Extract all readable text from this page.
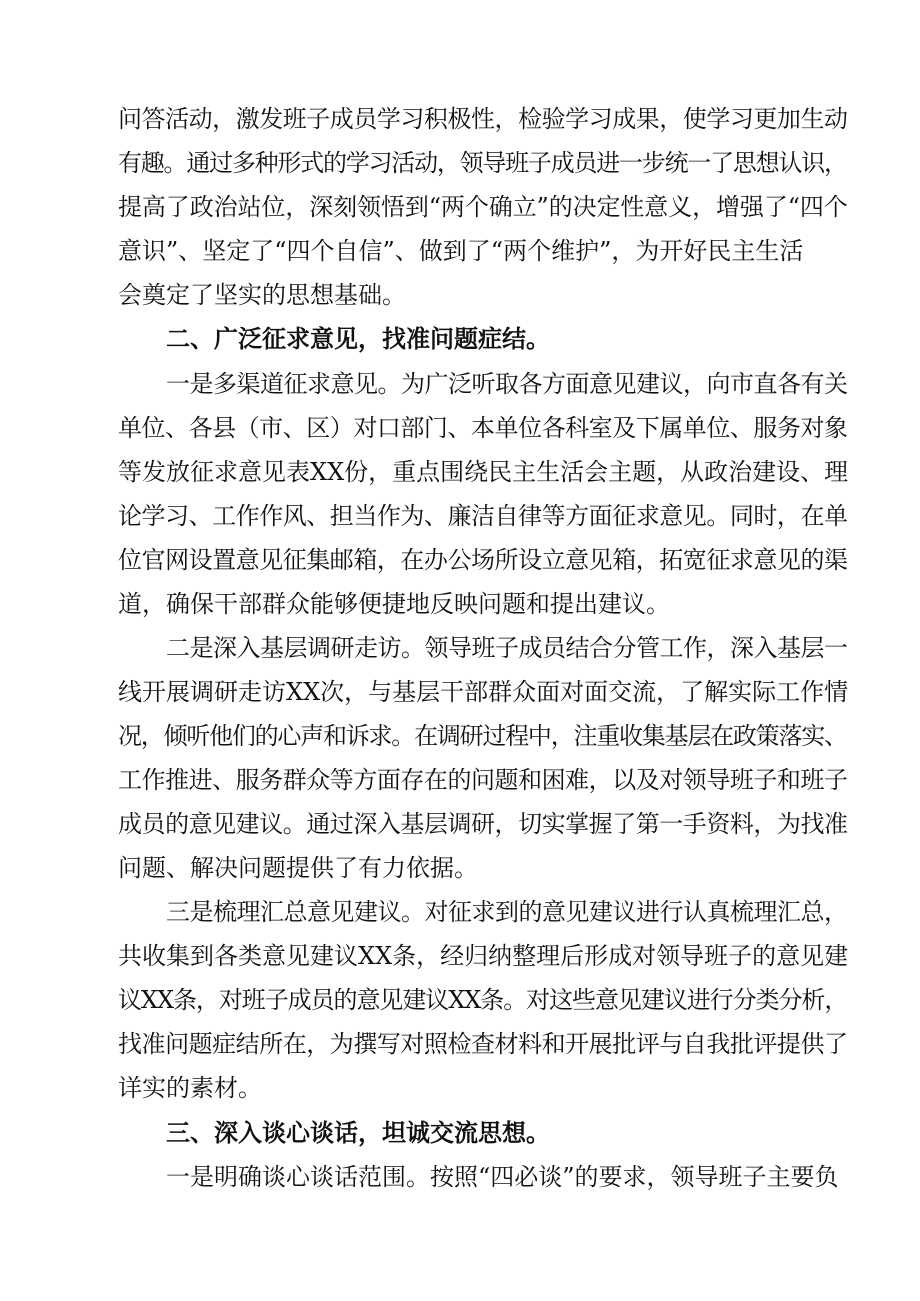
问答活动，激发班子成员学习积极性，检验学习成果，使学习更加生动

有趣。通过多种形式的学习活动，领导班子成员进一步统一了思想认识，

提高了政治站位，深刻领悟到“两个确立”的决定性意义，增强了“四个

意识”、坚定了“四个自信”、做到了“两个维护”，为开好民主生活

会奠定了坚实的思想基础。

二、广泛征求意见，找准问题症结。

一是多渠道征求意见。为广泛听取各方面意见建议，向市直各有关

单位、各县（市、区）对口部门、本单位各科室及下属单位、服务对象

等发放征求意见表XX份，重点围绕民主生活会主题，从政治建设、理

论学习、工作作风、担当作为、廉洁自律等方面征求意见。同时，在单

位官网设置意见征集邮箱，在办公场所设立意见箱，拓宽征求意见的渠

道，确保干部群众能够便捷地反映问题和提出建议。

二是深入基层调研走访。领导班子成员结合分管工作，深入基层一

线开展调研走访XX次，与基层干部群众面对面交流，了解实际工作情

况，倾听他们的心声和诉求。在调研过程中，注重收集基层在政策落实、

工作推进、服务群众等方面存在的问题和困难，以及对领导班子和班子

成员的意见建议。通过深入基层调研，切实掌握了第一手资料，为找准

问题、解决问题提供了有力依据。

三是梳理汇总意见建议。对征求到的意见建议进行认真梳理汇总，

共收集到各类意见建议XX条，经归纳整理后形成对领导班子的意见建

议XX条，对班子成员的意见建议XX条。对这些意见建议进行分类分析，

找准问题症结所在，为撰写对照检查材料和开展批评与自我批评提供了

详实的素材。

三、深入谈心谈话，坦诚交流思想。

一是明确谈心谈话范围。按照“四必谈”的要求，领导班子主要负
